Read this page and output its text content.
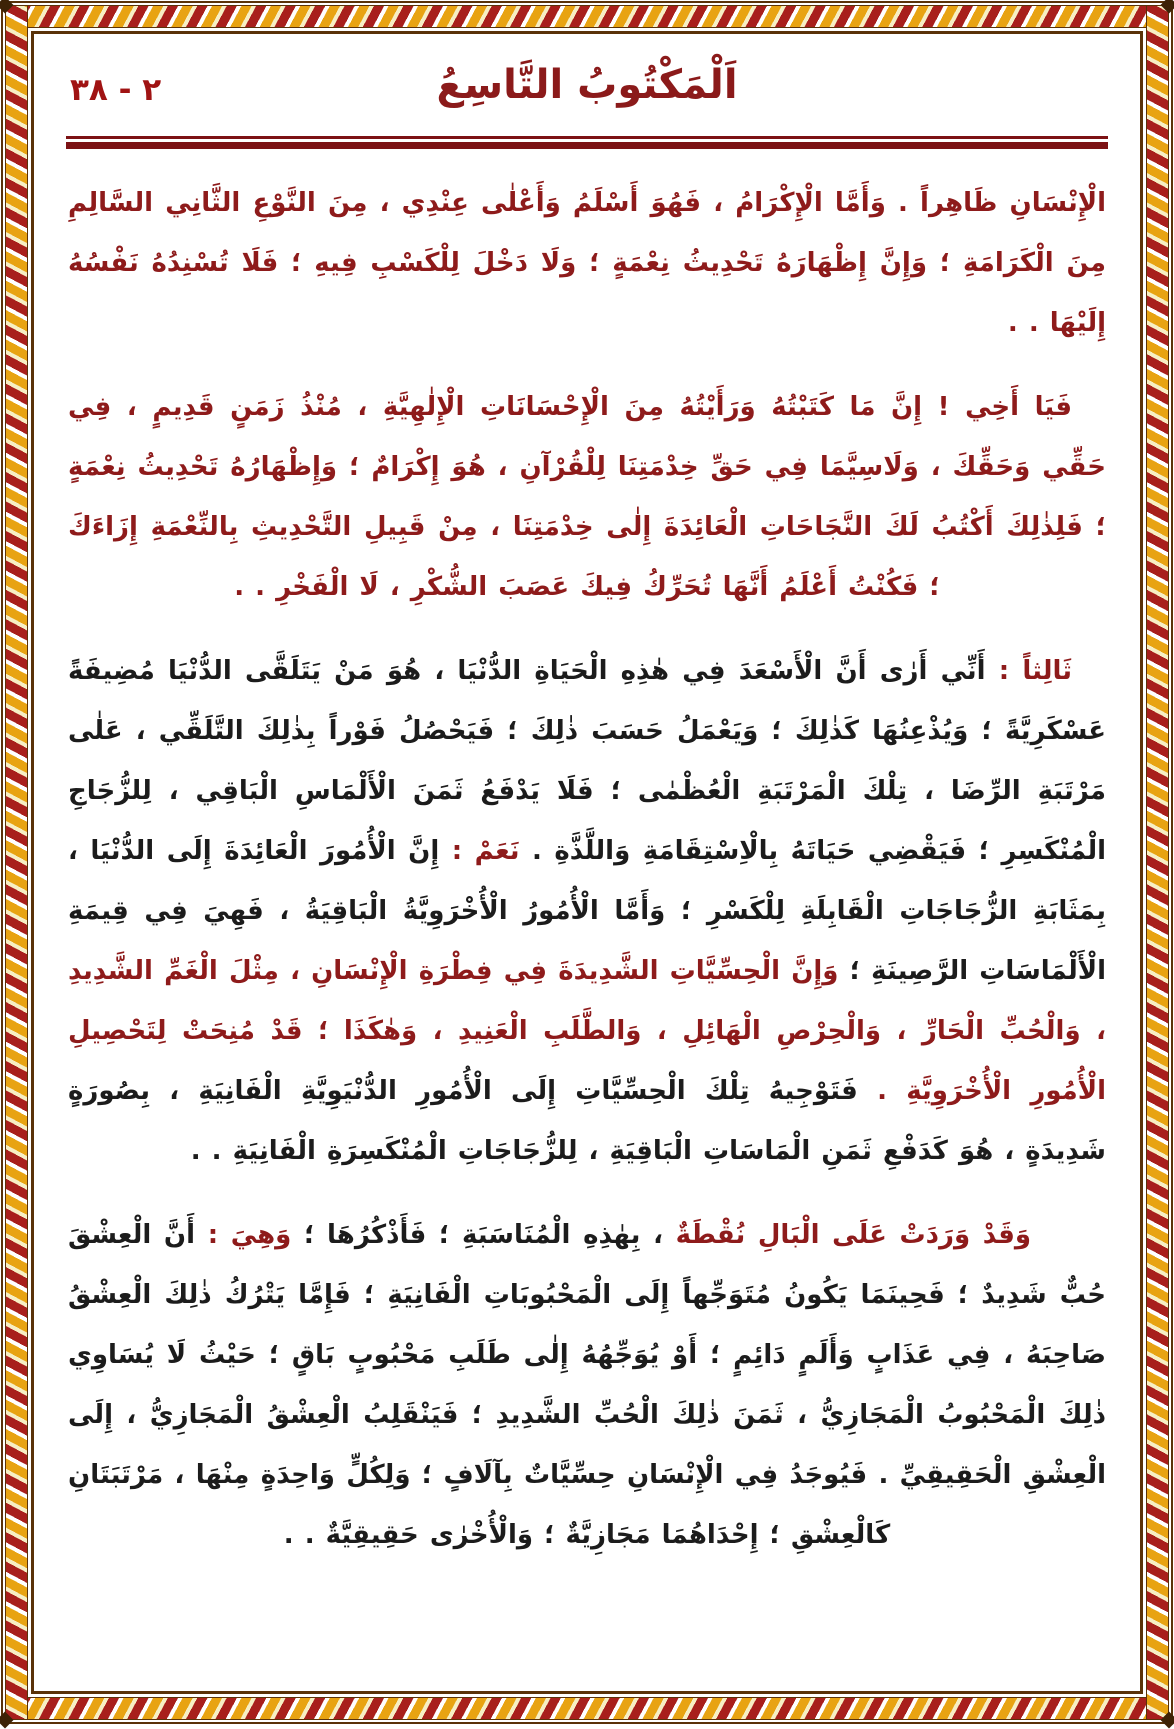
٢ - ٣٨	اَلْمَكْتُوبُ التَّاسِعُ

الْإِنْسَانِ ظَاهِراً . وَأَمَّا الْإِكْرَامُ ، فَهُوَ أَسْلَمُ وَأَعْلٰى عِنْدِي ، مِنَ النَّوْعِ الثَّانِي السَّالِمِ مِنَ الْكَرَامَةِ ؛ وَإِنَّ إِظْهَارَهُ تَحْدِيثُ نِعْمَةٍ ؛ وَلَا دَخْلَ لِلْكَسْبِ فِيهِ ؛ فَلَا تُسْنِدُهُ نَفْسُهُ إِلَيْهَا . .

فَيَا أَخِي ! إِنَّ مَا كَتَبْتُهُ وَرَأَيْتُهُ مِنَ الْإِحْسَانَاتِ الْإِلٰهِيَّةِ ، مُنْذُ زَمَنٍ قَدِيمٍ ، فِي حَقِّي وَحَقِّكَ ، وَلَاسِيَّمَا فِي حَقِّ خِدْمَتِنَا لِلْقُرْآنِ ، هُوَ إِكْرَامٌ ؛ وَإِظْهَارُهُ تَحْدِيثُ نِعْمَةٍ ؛ فَلِذٰلِكَ أَكْتُبُ لَكَ النَّجَاحَاتِ الْعَائِدَةَ إِلٰى خِدْمَتِنَا ، مِنْ قَبِيلِ التَّحْدِيثِ بِالنِّعْمَةِ إِزَاءَكَ ؛ فَكُنْتُ أَعْلَمُ أَنَّهَا تُحَرِّكُ فِيكَ عَصَبَ الشُّكْرِ ، لَا الْفَخْرِ . .

ثَالِثاً : أَنِّي أَرٰى أَنَّ الْأَسْعَدَ فِي هٰذِهِ الْحَيَاةِ الدُّنْيَا ، هُوَ مَنْ يَتَلَقَّى الدُّنْيَا مُضِيفَةً عَسْكَرِيَّةً ؛ وَيُذْعِنُهَا كَذٰلِكَ ؛ وَيَعْمَلُ حَسَبَ ذٰلِكَ ؛ فَيَحْصُلُ فَوْراً بِذٰلِكَ التَّلَقِّي ، عَلٰى مَرْتَبَةِ الرِّضَا ، تِلْكَ الْمَرْتَبَةِ الْعُظْمٰى ؛ فَلَا يَدْفَعُ ثَمَنَ الْأَلْمَاسِ الْبَاقِي ، لِلزُّجَاجِ الْمُنْكَسِرِ ؛ فَيَقْضِي حَيَاتَهُ بِالْاِسْتِقَامَةِ وَاللَّذَّةِ . نَعَمْ : إِنَّ الْأُمُورَ الْعَائِدَةَ إِلَى الدُّنْيَا ، بِمَثَابَةِ الزُّجَاجَاتِ الْقَابِلَةِ لِلْكَسْرِ ؛ وَأَمَّا الْأُمُورُ الْأُخْرَوِيَّةُ الْبَاقِيَةُ ، فَهِيَ فِي قِيمَةِ الْأَلْمَاسَاتِ الرَّصِينَةِ ؛ وَإِنَّ الْحِسِّيَّاتِ الشَّدِيدَةَ فِي فِطْرَةِ الْإِنْسَانِ ، مِثْلَ الْغَمِّ الشَّدِيدِ ، وَالْحُبِّ الْحَارِّ ، وَالْحِرْصِ الْهَائِلِ ، وَالطَّلَبِ الْعَنِيدِ ، وَهٰكَذَا ؛ قَدْ مُنِحَتْ لِتَحْصِيلِ الْأُمُورِ الْأُخْرَوِيَّةِ . فَتَوْجِيهُ تِلْكَ الْحِسِّيَّاتِ إِلَى الْأُمُورِ الدُّنْيَوِيَّةِ الْفَانِيَةِ ، بِصُورَةٍ شَدِيدَةٍ ، هُوَ كَدَفْعِ ثَمَنِ الْمَاسَاتِ الْبَاقِيَةِ ، لِلزُّجَاجَاتِ الْمُنْكَسِرَةِ الْفَانِيَةِ . .

وَقَدْ وَرَدَتْ عَلَى الْبَالِ نُقْطَةٌ ، بِهٰذِهِ الْمُنَاسَبَةِ ؛ فَأَذْكُرُهَا ؛ وَهِيَ : أَنَّ الْعِشْقَ حُبٌّ شَدِيدٌ ؛ فَحِينَمَا يَكُونُ مُتَوَجِّهاً إِلَى الْمَحْبُوبَاتِ الْفَانِيَةِ ؛ فَإِمَّا يَتْرُكُ ذٰلِكَ الْعِشْقُ صَاحِبَهُ ، فِي عَذَابٍ وَأَلَمٍ دَائِمٍ ؛ أَوْ يُوَجِّهُهُ إِلٰى طَلَبِ مَحْبُوبٍ بَاقٍ ؛ حَيْثُ لَا يُسَاوِي ذٰلِكَ الْمَحْبُوبُ الْمَجَازِيُّ ، ثَمَنَ ذٰلِكَ الْحُبِّ الشَّدِيدِ ؛ فَيَنْقَلِبُ الْعِشْقُ الْمَجَازِيُّ ، إِلَى الْعِشْقِ الْحَقِيقِيِّ . فَيُوجَدُ فِي الْإِنْسَانِ حِسِّيَّاتٌ بِآلَافٍ ؛ وَلِكُلٍّ وَاحِدَةٍ مِنْهَا ، مَرْتَبَتَانِ كَالْعِشْقِ ؛ إِحْدَاهُمَا مَجَازِيَّةٌ ؛ وَالْأُخْرٰى حَقِيقِيَّةٌ . .
